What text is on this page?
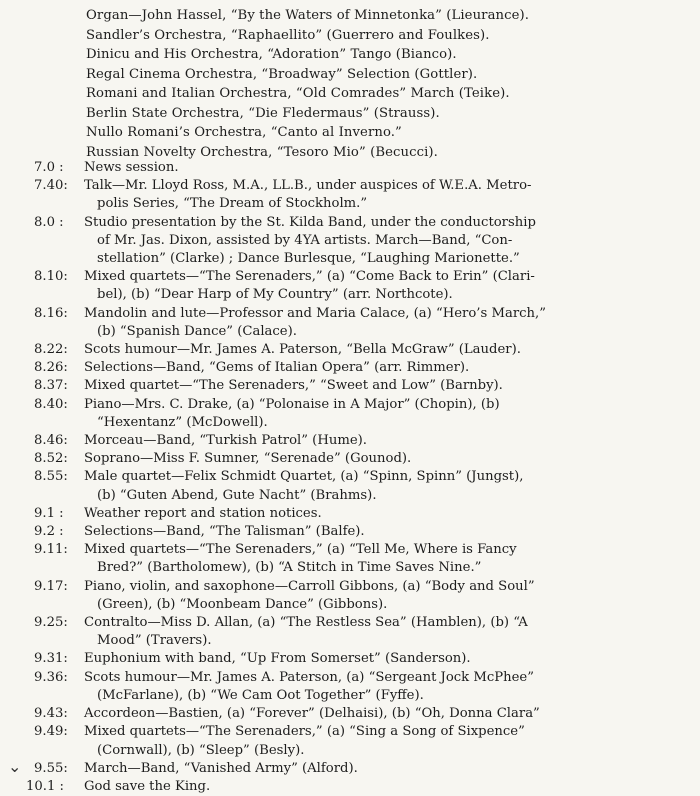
Organ—John Hassel, “By the Waters of Minnetonka” (Lieurance).
Sandler’s Orchestra, “Raphaellito” (Guerrero and Foulkes).
Dinicu and His Orchestra, “Adoration” Tango (Bianco).
Regal Cinema Orchestra, “Broadway” Selection (Gottler).
Romani and Italian Orchestra, “Old Comrades” March (Teike).
Berlin State Orchestra, “Die Fledermaus” (Strauss).
Nullo Romani’s Orchestra, “Canto al Inverno.”
Russian Novelty Orchestra, “Tesoro Mio” (Becucci).
7.0 :	News session.
7.40:	Talk—Mr. Lloyd Ross, M.A., LL.B., under auspices of W.E.A. Metro-
polis Series, “The Dream of Stockholm.”
8.0 :	Studio presentation by the St. Kilda Band, under the conductorship
of Mr. Jas. Dixon, assisted by 4YA artists. March—Band, “Con-
stellation” (Clarke) ; Dance Burlesque, “Laughing Marionette.”
8.10:	Mixed quartets—“The Serenaders,” (a) “Come Back to Erin” (Clari-
bel), (b) “Dear Harp of My Country” (arr. Northcote).
8.16:	Mandolin and lute—Professor and Maria Calace, (a) “Hero’s March,”
(b) “Spanish Dance” (Calace).
8.22:	Scots humour—Mr. James A. Paterson, “Bella McGraw” (Lauder).
8.26:	Selections—Band, “Gems of Italian Opera” (arr. Rimmer).
8.37:	Mixed quartet—“The Serenaders,” “Sweet and Low” (Barnby).
8.40:	Piano—Mrs. C. Drake, (a) “Polonaise in A Major” (Chopin), (b)
“Hexentanz” (McDowell).
8.46:	Morceau—Band, “Turkish Patrol” (Hume).
8.52:	Soprano—Miss F. Sumner, “Serenade” (Gounod).
8.55:	Male quartet—Felix Schmidt Quartet, (a) “Spinn, Spinn” (Jungst),
(b) “Guten Abend, Gute Nacht” (Brahms).
9.1 :	Weather report and station notices.
9.2 :	Selections—Band, “The Talisman” (Balfe).
9.11:	Mixed quartets—“The Serenaders,” (a) “Tell Me, Where is Fancy
Bred?” (Bartholomew), (b) “A Stitch in Time Saves Nine.”
9.17:	Piano, violin, and saxophone—Carroll Gibbons, (a) “Body and Soul”
(Green), (b) “Moonbeam Dance” (Gibbons).
9.25:	Contralto—Miss D. Allan, (a) “The Restless Sea” (Hamblen), (b) “A
Mood” (Travers).
9.31:	Euphonium with band, “Up From Somerset” (Sanderson).
9.36:	Scots humour—Mr. James A. Paterson, (a) “Sergeant Jock McPhee”
(McFarlane), (b) “We Cam Oot Together” (Fyffe).
9.43:	Accordeon—Bastien, (a) “Forever” (Delhaisi), (b) “Oh, Donna Clara”
9.49:	Mixed quartets—“The Serenaders,” (a) “Sing a Song of Sixpence”
(Cornwall), (b) “Sleep” (Besly).
9.55:	March—Band, “Vanished Army” (Alford).
10.1 :	God save the King.
⌄
